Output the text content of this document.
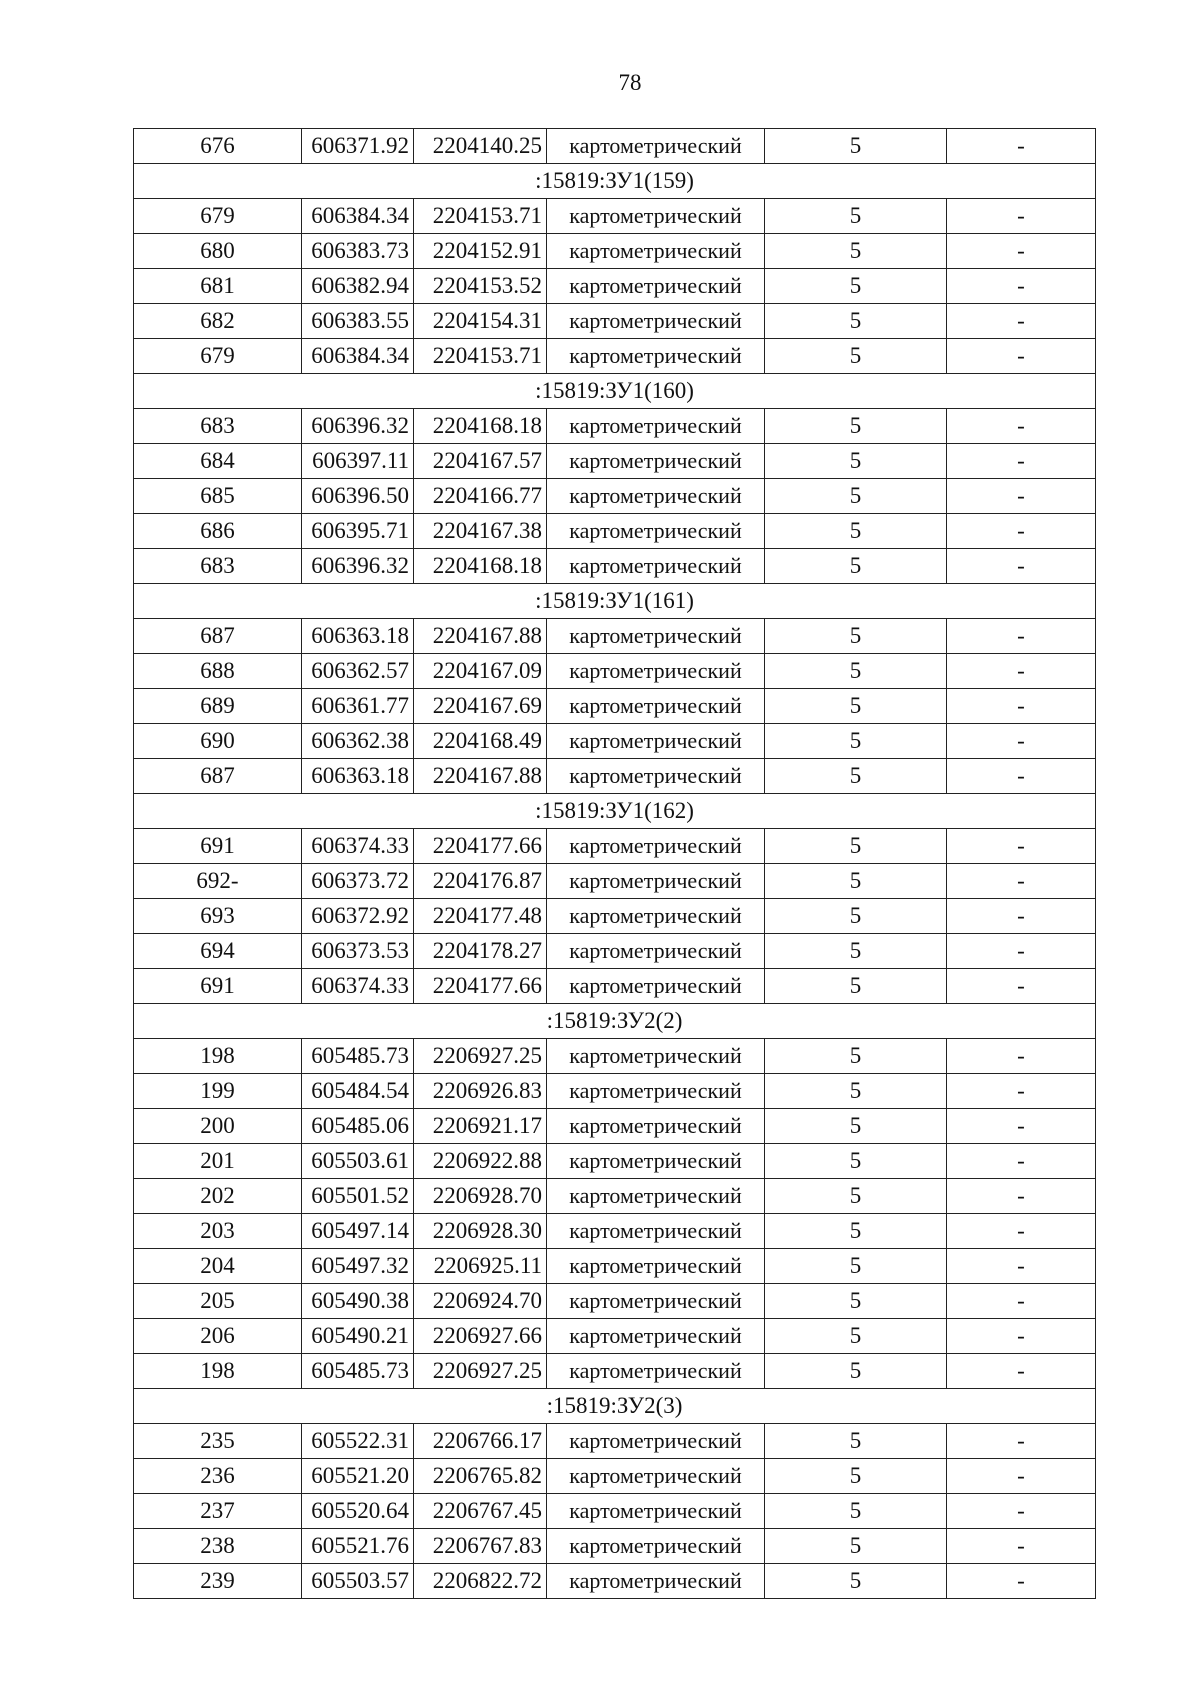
78
676	606371.92	2204140.25	картометрический	5	-
:15819:ЗУ1(159)					
679	606384.34	2204153.71	картометрический	5	-
680	606383.73	2204152.91	картометрический	5	-
681	606382.94	2204153.52	картометрический	5	-
682	606383.55	2204154.31	картометрический	5	-
679	606384.34	2204153.71	картометрический	5	-
:15819:ЗУ1(160)					
683	606396.32	2204168.18	картометрический	5	-
684	606397.11	2204167.57	картометрический	5	-
685	606396.50	2204166.77	картометрический	5	-
686	606395.71	2204167.38	картометрический	5	-
683	606396.32	2204168.18	картометрический	5	-
:15819:ЗУ1(161)					
687	606363.18	2204167.88	картометрический	5	-
688	606362.57	2204167.09	картометрический	5	-
689	606361.77	2204167.69	картометрический	5	-
690	606362.38	2204168.49	картометрический	5	-
687	606363.18	2204167.88	картометрический	5	-
:15819:ЗУ1(162)					
691	606374.33	2204177.66	картометрический	5	-
692-	606373.72	2204176.87	картометрический	5	-
693	606372.92	2204177.48	картометрический	5	-
694	606373.53	2204178.27	картометрический	5	-
691	606374.33	2204177.66	картометрический	5	-
:15819:ЗУ2(2)					
198	605485.73	2206927.25	картометрический	5	-
199	605484.54	2206926.83	картометрический	5	-
200	605485.06	2206921.17	картометрический	5	-
201	605503.61	2206922.88	картометрический	5	-
202	605501.52	2206928.70	картометрический	5	-
203	605497.14	2206928.30	картометрический	5	-
204	605497.32	2206925.11	картометрический	5	-
205	605490.38	2206924.70	картометрический	5	-
206	605490.21	2206927.66	картометрический	5	-
198	605485.73	2206927.25	картометрический	5	-
:15819:ЗУ2(3)					
235	605522.31	2206766.17	картометрический	5	-
236	605521.20	2206765.82	картометрический	5	-
237	605520.64	2206767.45	картометрический	5	-
238	605521.76	2206767.83	картометрический	5	-
239	605503.57	2206822.72	картометрический	5	-
